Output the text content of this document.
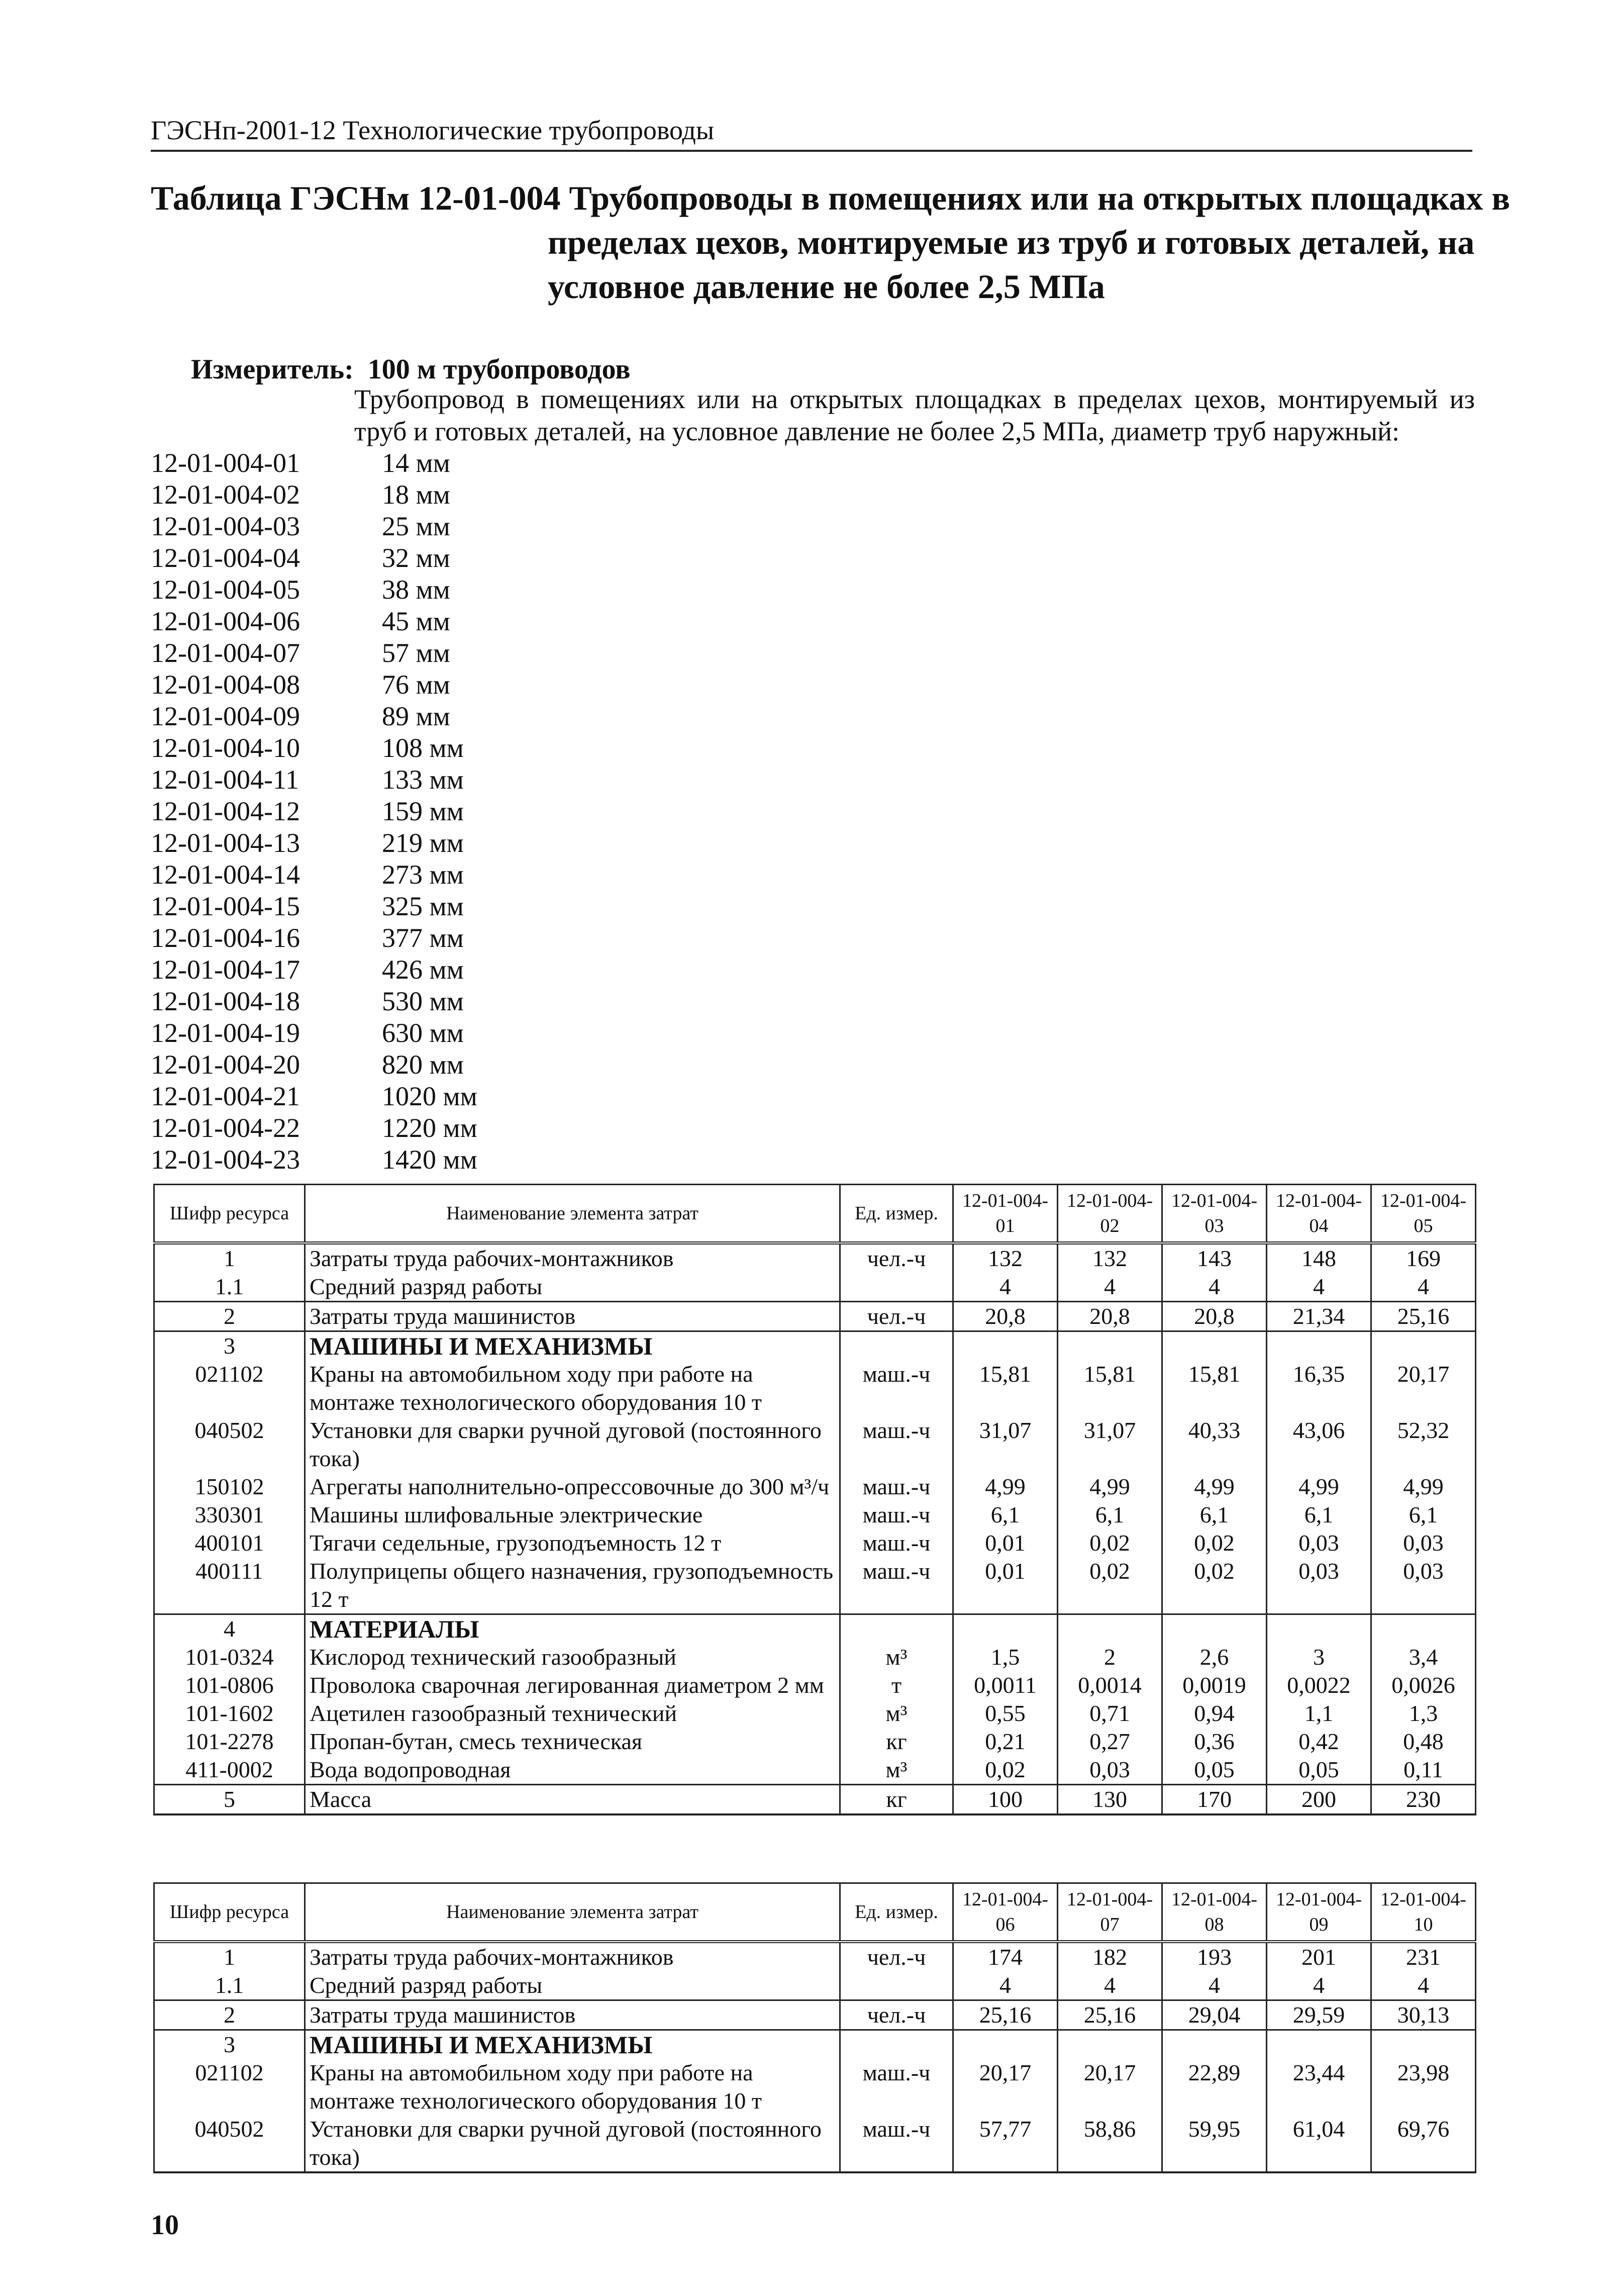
ГЭСНп-2001-12 Технологические трубопроводы
Таблица ГЭСНм 12-01-004 Трубопроводы в помещениях или на открытых площадках в
пределах цехов, монтируемые из труб и готовых деталей, на
условное давление не более 2,5 МПа
Измеритель: 100 м трубопроводов
Трубопровод в помещениях или на открытых площадках в пределах цехов, монтируемый из труб и готовых деталей, на условное давление не более 2,5 МПа, диаметр труб наружный:
12-01-004-01	14 мм
12-01-004-02	18 мм
12-01-004-03	25 мм
12-01-004-04	32 мм
12-01-004-05	38 мм
12-01-004-06	45 мм
12-01-004-07	57 мм
12-01-004-08	76 мм
12-01-004-09	89 мм
12-01-004-10	108 мм
12-01-004-11	133 мм
12-01-004-12	159 мм
12-01-004-13	219 мм
12-01-004-14	273 мм
12-01-004-15	325 мм
12-01-004-16	377 мм
12-01-004-17	426 мм
12-01-004-18	530 мм
12-01-004-19	630 мм
12-01-004-20	820 мм
12-01-004-21	1020 мм
12-01-004-22	1220 мм
12-01-004-23	1420 мм
Шифр ресурса	Наименование элемента затрат	Ед. измер.	12-01-004-01	12-01-004-02	12-01-004-03	12-01-004-04	12-01-004-05
1	Затраты труда рабочих-монтажников	чел.-ч	132	132	143	148	169
1.1	Средний разряд работы		4	4	4	4	4
2	Затраты труда машинистов	чел.-ч	20,8	20,8	20,8	21,34	25,16
3	МАШИНЫ И МЕХАНИЗМЫ						
021102	Краны на автомобильном ходу при работе на монтаже технологического оборудования 10 т	маш.-ч	15,81	15,81	15,81	16,35	20,17
040502	Установки для сварки ручной дуговой (постоянного тока)	маш.-ч	31,07	31,07	40,33	43,06	52,32
150102	Агрегаты наполнительно-опрессовочные до 300 м³/ч	маш.-ч	4,99	4,99	4,99	4,99	4,99
330301	Машины шлифовальные электрические	маш.-ч	6,1	6,1	6,1	6,1	6,1
400101	Тягачи седельные, грузоподъемность 12 т	маш.-ч	0,01	0,02	0,02	0,03	0,03
400111	Полуприцепы общего назначения, грузоподъемность 12 т	маш.-ч	0,01	0,02	0,02	0,03	0,03
4	МАТЕРИАЛЫ						
101-0324	Кислород технический газообразный	м³	1,5	2	2,6	3	3,4
101-0806	Проволока сварочная легированная диаметром 2 мм	т	0,0011	0,0014	0,0019	0,0022	0,0026
101-1602	Ацетилен газообразный технический	м³	0,55	0,71	0,94	1,1	1,3
101-2278	Пропан-бутан, смесь техническая	кг	0,21	0,27	0,36	0,42	0,48
411-0002	Вода водопроводная	м³	0,02	0,03	0,05	0,05	0,11
5	Масса	кг	100	130	170	200	230
Шифр ресурса	Наименование элемента затрат	Ед. измер.	12-01-004-06	12-01-004-07	12-01-004-08	12-01-004-09	12-01-004-10
1	Затраты труда рабочих-монтажников	чел.-ч	174	182	193	201	231
1.1	Средний разряд работы		4	4	4	4	4
2	Затраты труда машинистов	чел.-ч	25,16	25,16	29,04	29,59	30,13
3	МАШИНЫ И МЕХАНИЗМЫ						
021102	Краны на автомобильном ходу при работе на монтаже технологического оборудования 10 т	маш.-ч	20,17	20,17	22,89	23,44	23,98
040502	Установки для сварки ручной дуговой (постоянного тока)	маш.-ч	57,77	58,86	59,95	61,04	69,76
10
